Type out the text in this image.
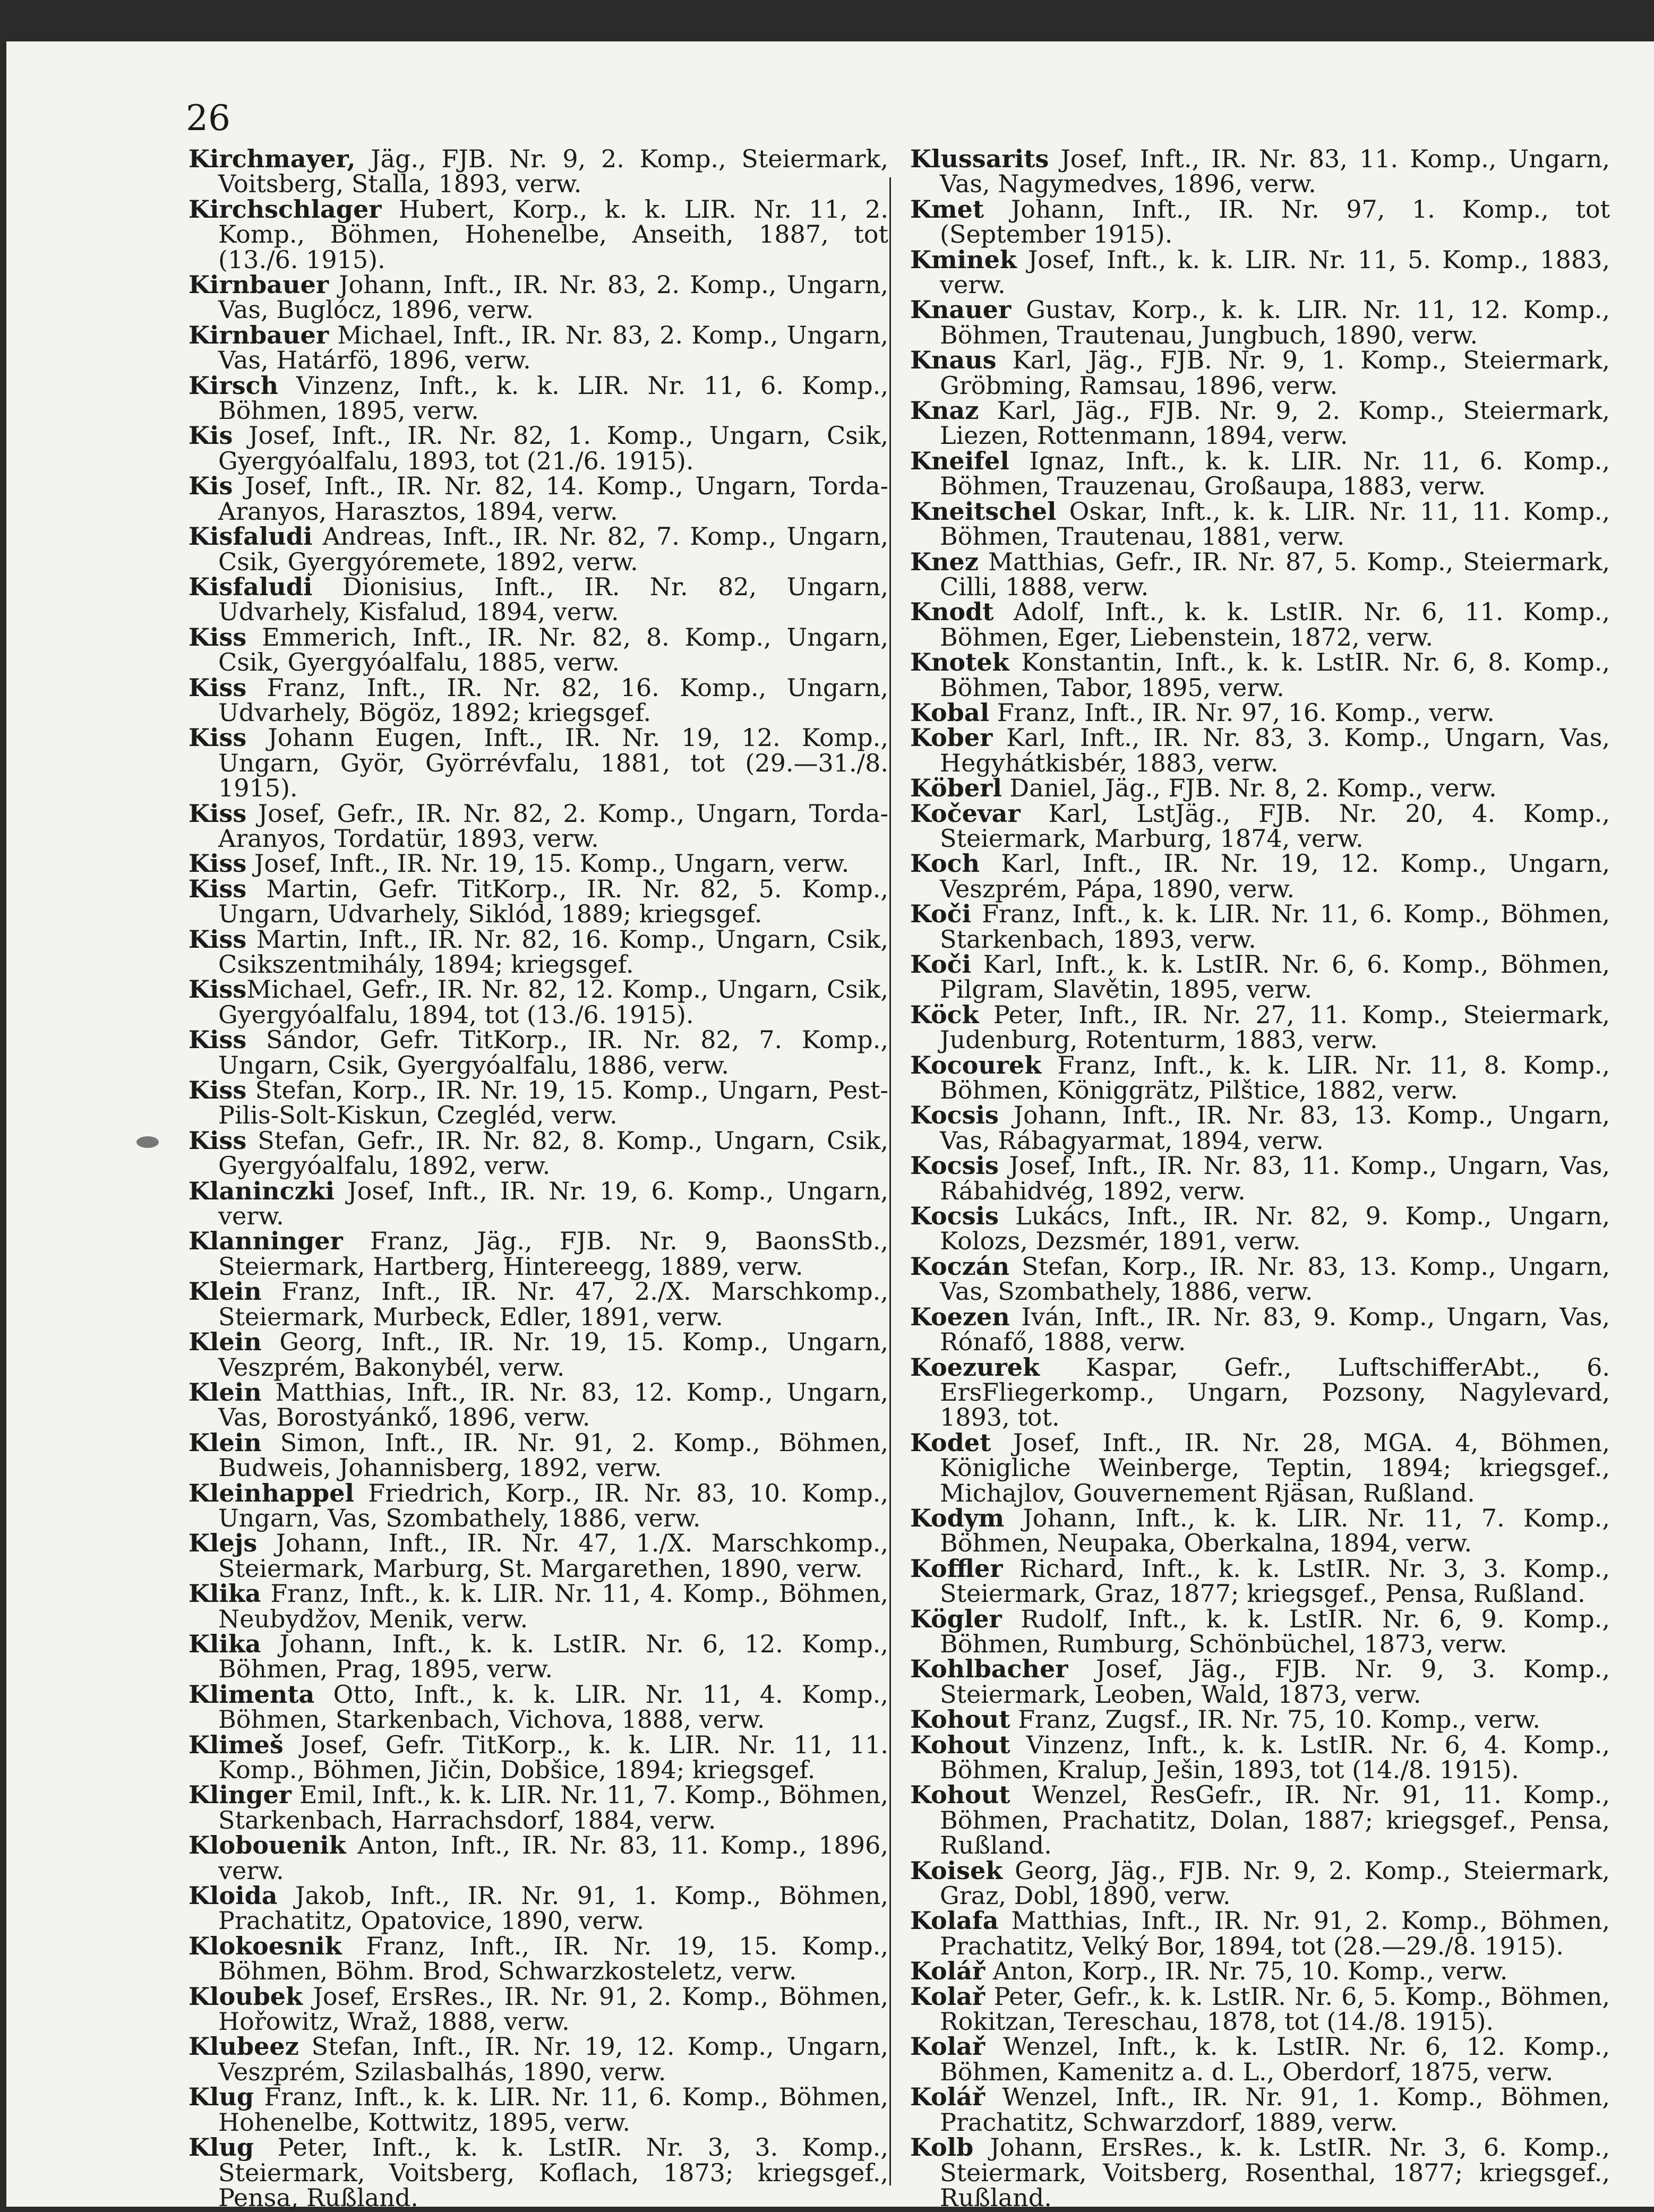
26

Kirchmayer, Jäg., FJB. Nr. 9, 2. Komp., Steiermark, Voitsberg, Stalla, 1893, verw.

Kirchschlager Hubert, Korp., k. k. LIR. Nr. 11, 2. Komp., Böhmen, Hohenelbe, Anseith, 1887, tot (13./6. 1915).

Kirnbauer Johann, Inft., IR. Nr. 83, 2. Komp., Ungarn, Vas, Buglócz, 1896, verw.

Kirnbauer Michael, Inft., IR. Nr. 83, 2. Komp., Ungarn, Vas, Határfö, 1896, verw.

Kirsch Vinzenz, Inft., k. k. LIR. Nr. 11, 6. Komp., Böhmen, 1895, verw.

Kis Josef, Inft., IR. Nr. 82, 1. Komp., Ungarn, Csik, Gyergyóalfalu, 1893, tot (21./6. 1915).

Kis Josef, Inft., IR. Nr. 82, 14. Komp., Ungarn, Torda-Aranyos, Harasztos, 1894, verw.

Kisfaludi Andreas, Inft., IR. Nr. 82, 7. Komp., Ungarn, Csik, Gyergyóremete, 1892, verw.

Kisfaludi Dionisius, Inft., IR. Nr. 82, Ungarn, Udvarhely, Kisfalud, 1894, verw.

Kiss Emmerich, Inft., IR. Nr. 82, 8. Komp., Ungarn, Csik, Gyergyóalfalu, 1885, verw.

Kiss Franz, Inft., IR. Nr. 82, 16. Komp., Ungarn, Udvarhely, Bögöz, 1892; kriegsgef.

Kiss Johann Eugen, Inft., IR. Nr. 19, 12. Komp., Ungarn, Györ, Györrévfalu, 1881, tot (29.—31./8. 1915).

Kiss Josef, Gefr., IR. Nr. 82, 2. Komp., Ungarn, Torda-Aranyos, Tordatür, 1893, verw.

Kiss Josef, Inft., IR. Nr. 19, 15. Komp., Ungarn, verw.

Kiss Martin, Gefr. TitKorp., IR. Nr. 82, 5. Komp., Ungarn, Udvarhely, Siklód, 1889; kriegsgef.

Kiss Martin, Inft., IR. Nr. 82, 16. Komp., Ungarn, Csik, Csikszentmihály, 1894; kriegsgef.

KissMichael, Gefr., IR. Nr. 82, 12. Komp., Ungarn, Csik, Gyergyóalfalu, 1894, tot (13./6. 1915).

Kiss Sándor, Gefr. TitKorp., IR. Nr. 82, 7. Komp., Ungarn, Csik, Gyergyóalfalu, 1886, verw.

Kiss Stefan, Korp., IR. Nr. 19, 15. Komp., Ungarn, Pest-Pilis-Solt-Kiskun, Czegléd, verw.

Kiss Stefan, Gefr., IR. Nr. 82, 8. Komp., Ungarn, Csik, Gyergyóalfalu, 1892, verw.

Klaninczki Josef, Inft., IR. Nr. 19, 6. Komp., Ungarn, verw.

Klanninger Franz, Jäg., FJB. Nr. 9, BaonsStb., Steiermark, Hartberg, Hintereegg, 1889, verw.

Klein Franz, Inft., IR. Nr. 47, 2./X. Marschkomp., Steiermark, Murbeck, Edler, 1891, verw.

Klein Georg, Inft., IR. Nr. 19, 15. Komp., Ungarn, Veszprém, Bakonybél, verw.

Klein Matthias, Inft., IR. Nr. 83, 12. Komp., Ungarn, Vas, Borostyánkő, 1896, verw.

Klein Simon, Inft., IR. Nr. 91, 2. Komp., Böhmen, Budweis, Johannisberg, 1892, verw.

Kleinhappel Friedrich, Korp., IR. Nr. 83, 10. Komp., Ungarn, Vas, Szombathely, 1886, verw.

Klejs Johann, Inft., IR. Nr. 47, 1./X. Marschkomp., Steiermark, Marburg, St. Margarethen, 1890, verw.

Klika Franz, Inft., k. k. LIR. Nr. 11, 4. Komp., Böhmen, Neubydžov, Menik, verw.

Klika Johann, Inft., k. k. LstIR. Nr. 6, 12. Komp., Böhmen, Prag, 1895, verw.

Klimenta Otto, Inft., k. k. LIR. Nr. 11, 4. Komp., Böhmen, Starkenbach, Vichova, 1888, verw.

Klimeš Josef, Gefr. TitKorp., k. k. LIR. Nr. 11, 11. Komp., Böhmen, Jičin, Dobšice, 1894; kriegsgef.

Klinger Emil, Inft., k. k. LIR. Nr. 11, 7. Komp., Böhmen, Starkenbach, Harrachsdorf, 1884, verw.

Klobouenik Anton, Inft., IR. Nr. 83, 11. Komp., 1896, verw.

Kloida Jakob, Inft., IR. Nr. 91, 1. Komp., Böhmen, Prachatitz, Opatovice, 1890, verw.

Klokoesnik Franz, Inft., IR. Nr. 19, 15. Komp., Böhmen, Böhm. Brod, Schwarzkosteletz, verw.

Kloubek Josef, ErsRes., IR. Nr. 91, 2. Komp., Böhmen, Hořowitz, Wraž, 1888, verw.

Klubeez Stefan, Inft., IR. Nr. 19, 12. Komp., Ungarn, Veszprém, Szilasbalhás, 1890, verw.

Klug Franz, Inft., k. k. LIR. Nr. 11, 6. Komp., Böhmen, Hohenelbe, Kottwitz, 1895, verw.

Klug Peter, Inft., k. k. LstIR. Nr. 3, 3. Komp., Steiermark, Voitsberg, Koflach, 1873; kriegsgef., Pensa, Rußland.

Klussarits Josef, Inft., IR. Nr. 83, 11. Komp., Ungarn, Vas, Nagymedves, 1896, verw.

Kmet Johann, Inft., IR. Nr. 97, 1. Komp., tot (September 1915).

Kminek Josef, Inft., k. k. LIR. Nr. 11, 5. Komp., 1883, verw.

Knauer Gustav, Korp., k. k. LIR. Nr. 11, 12. Komp., Böhmen, Trautenau, Jungbuch, 1890, verw.

Knaus Karl, Jäg., FJB. Nr. 9, 1. Komp., Steiermark, Gröbming, Ramsau, 1896, verw.

Knaz Karl, Jäg., FJB. Nr. 9, 2. Komp., Steiermark, Liezen, Rottenmann, 1894, verw.

Kneifel Ignaz, Inft., k. k. LIR. Nr. 11, 6. Komp., Böhmen, Trauzenau, Großaupa, 1883, verw.

Kneitschel Oskar, Inft., k. k. LIR. Nr. 11, 11. Komp., Böhmen, Trautenau, 1881, verw.

Knez Matthias, Gefr., IR. Nr. 87, 5. Komp., Steiermark, Cilli, 1888, verw.

Knodt Adolf, Inft., k. k. LstIR. Nr. 6, 11. Komp., Böhmen, Eger, Liebenstein, 1872, verw.

Knotek Konstantin, Inft., k. k. LstIR. Nr. 6, 8. Komp., Böhmen, Tabor, 1895, verw.

Kobal Franz, Inft., IR. Nr. 97, 16. Komp., verw.

Kober Karl, Inft., IR. Nr. 83, 3. Komp., Ungarn, Vas, Hegyhátkisbér, 1883, verw.

Köberl Daniel, Jäg., FJB. Nr. 8, 2. Komp., verw.

Kočevar Karl, LstJäg., FJB. Nr. 20, 4. Komp., Steiermark, Marburg, 1874, verw.

Koch Karl, Inft., IR. Nr. 19, 12. Komp., Ungarn, Veszprém, Pápa, 1890, verw.

Koči Franz, Inft., k. k. LIR. Nr. 11, 6. Komp., Böhmen, Starkenbach, 1893, verw.

Koči Karl, Inft., k. k. LstIR. Nr. 6, 6. Komp., Böhmen, Pilgram, Slavětin, 1895, verw.

Köck Peter, Inft., IR. Nr. 27, 11. Komp., Steiermark, Judenburg, Rotenturm, 1883, verw.

Kocourek Franz, Inft., k. k. LIR. Nr. 11, 8. Komp., Böhmen, Königgrätz, Pilštice, 1882, verw.

Kocsis Johann, Inft., IR. Nr. 83, 13. Komp., Ungarn, Vas, Rábagyarmat, 1894, verw.

Kocsis Josef, Inft., IR. Nr. 83, 11. Komp., Ungarn, Vas, Rábahidvég, 1892, verw.

Kocsis Lukács, Inft., IR. Nr. 82, 9. Komp., Ungarn, Kolozs, Dezsmér, 1891, verw.

Koczán Stefan, Korp., IR. Nr. 83, 13. Komp., Ungarn, Vas, Szombathely, 1886, verw.

Koezen Iván, Inft., IR. Nr. 83, 9. Komp., Ungarn, Vas, Rónafő, 1888, verw.

Koezurek Kaspar, Gefr., LuftschifferAbt., 6. ErsFliegerkomp., Ungarn, Pozsony, Nagylevard, 1893, tot.

Kodet Josef, Inft., IR. Nr. 28, MGA. 4, Böhmen, Königliche Weinberge, Teptin, 1894; kriegsgef., Michajlov, Gouvernement Rjäsan, Rußland.

Kodym Johann, Inft., k. k. LIR. Nr. 11, 7. Komp., Böhmen, Neupaka, Oberkalna, 1894, verw.

Koffler Richard, Inft., k. k. LstIR. Nr. 3, 3. Komp., Steiermark, Graz, 1877; kriegsgef., Pensa, Rußland.

Kögler Rudolf, Inft., k. k. LstIR. Nr. 6, 9. Komp., Böhmen, Rumburg, Schönbüchel, 1873, verw.

Kohlbacher Josef, Jäg., FJB. Nr. 9, 3. Komp., Steiermark, Leoben, Wald, 1873, verw.

Kohout Franz, Zugsf., IR. Nr. 75, 10. Komp., verw.

Kohout Vinzenz, Inft., k. k. LstIR. Nr. 6, 4. Komp., Böhmen, Kralup, Ješin, 1893, tot (14./8. 1915).

Kohout Wenzel, ResGefr., IR. Nr. 91, 11. Komp., Böhmen, Prachatitz, Dolan, 1887; kriegsgef., Pensa, Rußland.

Koisek Georg, Jäg., FJB. Nr. 9, 2. Komp., Steiermark, Graz, Dobl, 1890, verw.

Kolafa Matthias, Inft., IR. Nr. 91, 2. Komp., Böhmen, Prachatitz, Velký Bor, 1894, tot (28.—29./8. 1915).

Kolář Anton, Korp., IR. Nr. 75, 10. Komp., verw.

Kolař Peter, Gefr., k. k. LstIR. Nr. 6, 5. Komp., Böhmen, Rokitzan, Tereschau, 1878, tot (14./8. 1915).

Kolař Wenzel, Inft., k. k. LstIR. Nr. 6, 12. Komp., Böhmen, Kamenitz a. d. L., Oberdorf, 1875, verw.

Kolář Wenzel, Inft., IR. Nr. 91, 1. Komp., Böhmen, Prachatitz, Schwarzdorf, 1889, verw.

Kolb Johann, ErsRes., k. k. LstIR. Nr. 3, 6. Komp., Steiermark, Voitsberg, Rosenthal, 1877; kriegsgef., Rußland.
